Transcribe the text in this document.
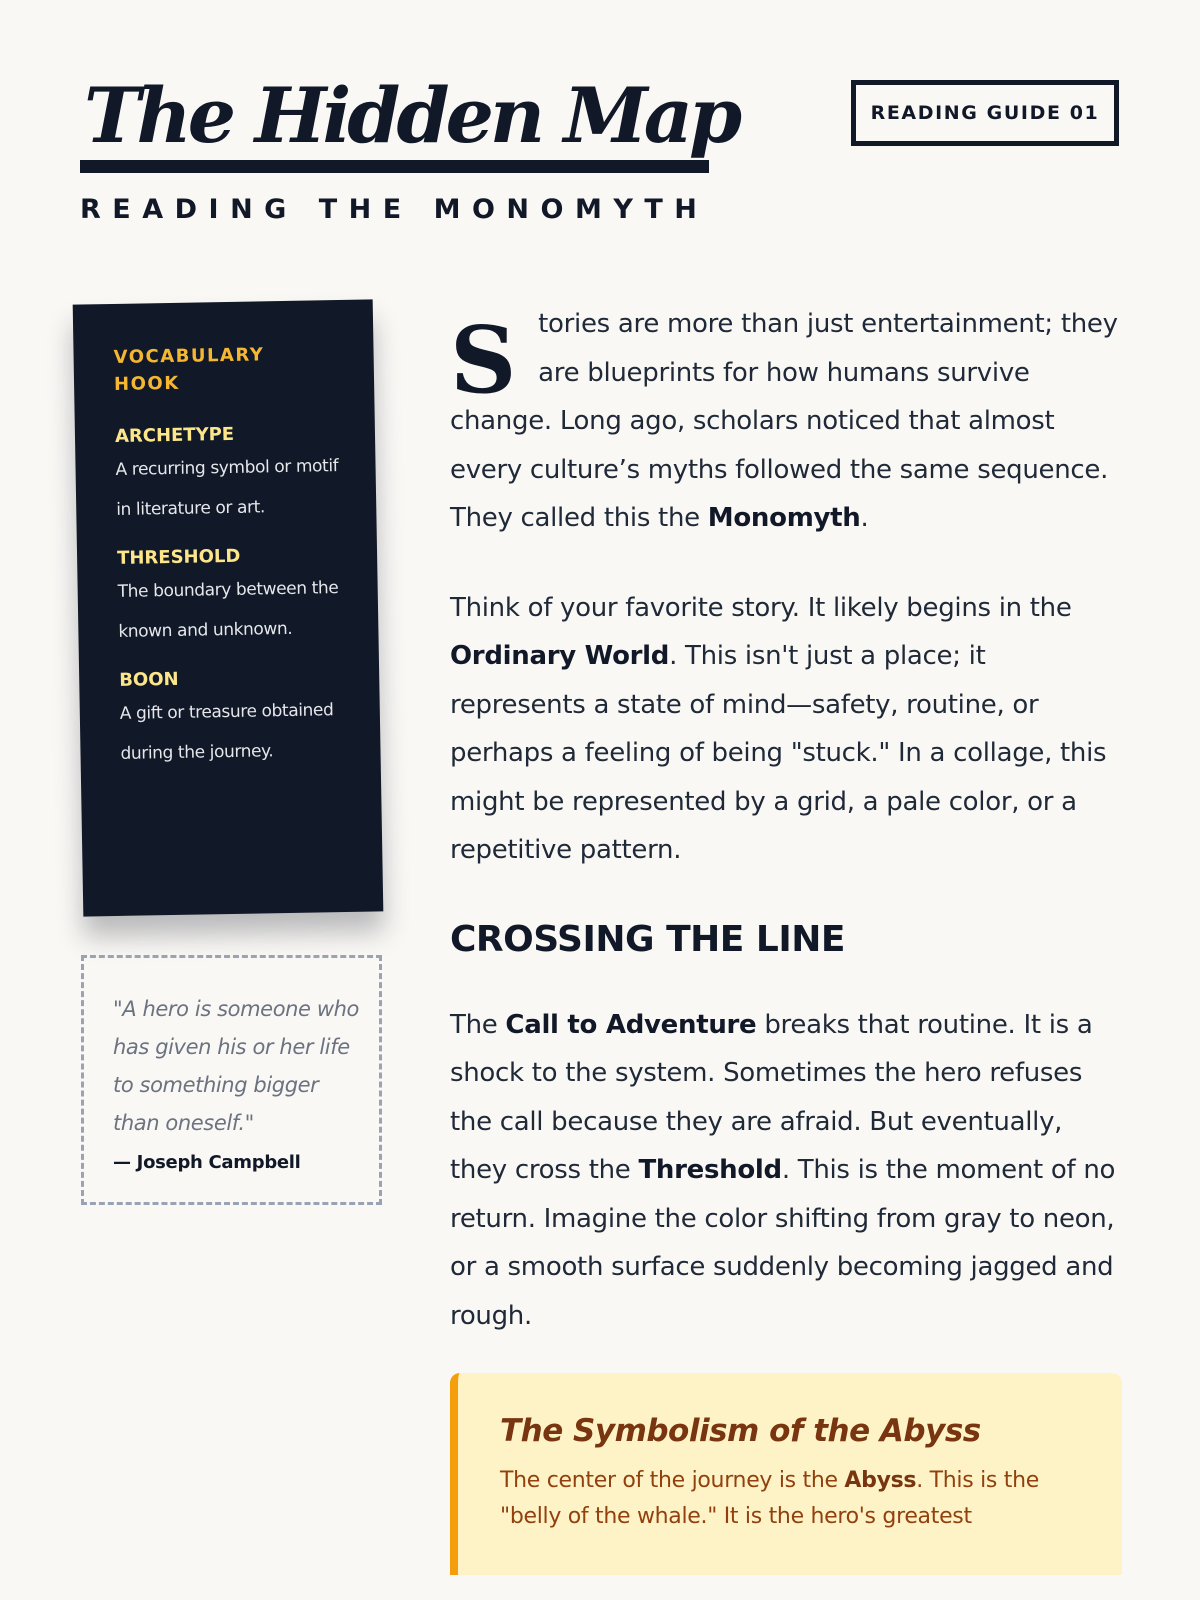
The Hidden Map
READING THE MONOMYTH
READING GUIDE 01
VOCABULARY HOOK
ARCHETYPE
A recurring symbol or motif in literature or art.
THRESHOLD
The boundary between the known and unknown.
BOON
A gift or treasure obtained during the journey.

"A hero is someone who has given his or her life to something bigger than oneself."

— Joseph Campbell

Stories are more than just entertainment; they are blueprints for how humans survive change. Long ago, scholars noticed that almost every culture’s myths followed the same sequence. They called this the Monomyth.

Think of your favorite story. It likely begins in the Ordinary World. This isn't just a place; it represents a state of mind—safety, routine, or perhaps a feeling of being "stuck." In a collage, this might be represented by a grid, a pale color, or a repetitive pattern.

CROSSING THE LINE

The Call to Adventure breaks that routine. It is a shock to the system. Sometimes the hero refuses the call because they are afraid. But eventually, they cross the Threshold. This is the moment of no return. Imagine the color shifting from gray to neon, or a smooth surface suddenly becoming jagged and rough.

The Symbolism of the Abyss

The center of the journey is the Abyss. This is the "belly of the whale." It is the hero's greatest
